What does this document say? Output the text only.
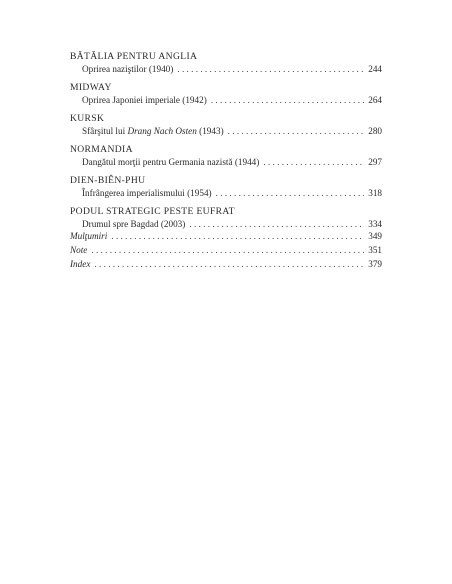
BĂTĂLIA PENTRU ANGLIA
Oprirea naziştilor (1940) . . .	244
MIDWAY
Oprirea Japoniei imperiale (1942) . . .	264
KURSK
Sfârşitul lui Drang Nach Osten (1943) . . .	280
NORMANDIA
Dangătul morţii pentru Germania nazistă (1944) . . .	297
DIEN-BIÊN-PHU
Înfrângerea imperialismului (1954) . . .	318
PODUL STRATEGIC PESTE EUFRAT
Drumul spre Bagdad (2003) . . .	334
Mulţumiri . . .	349
Note . . .	351
Index . . .	379
